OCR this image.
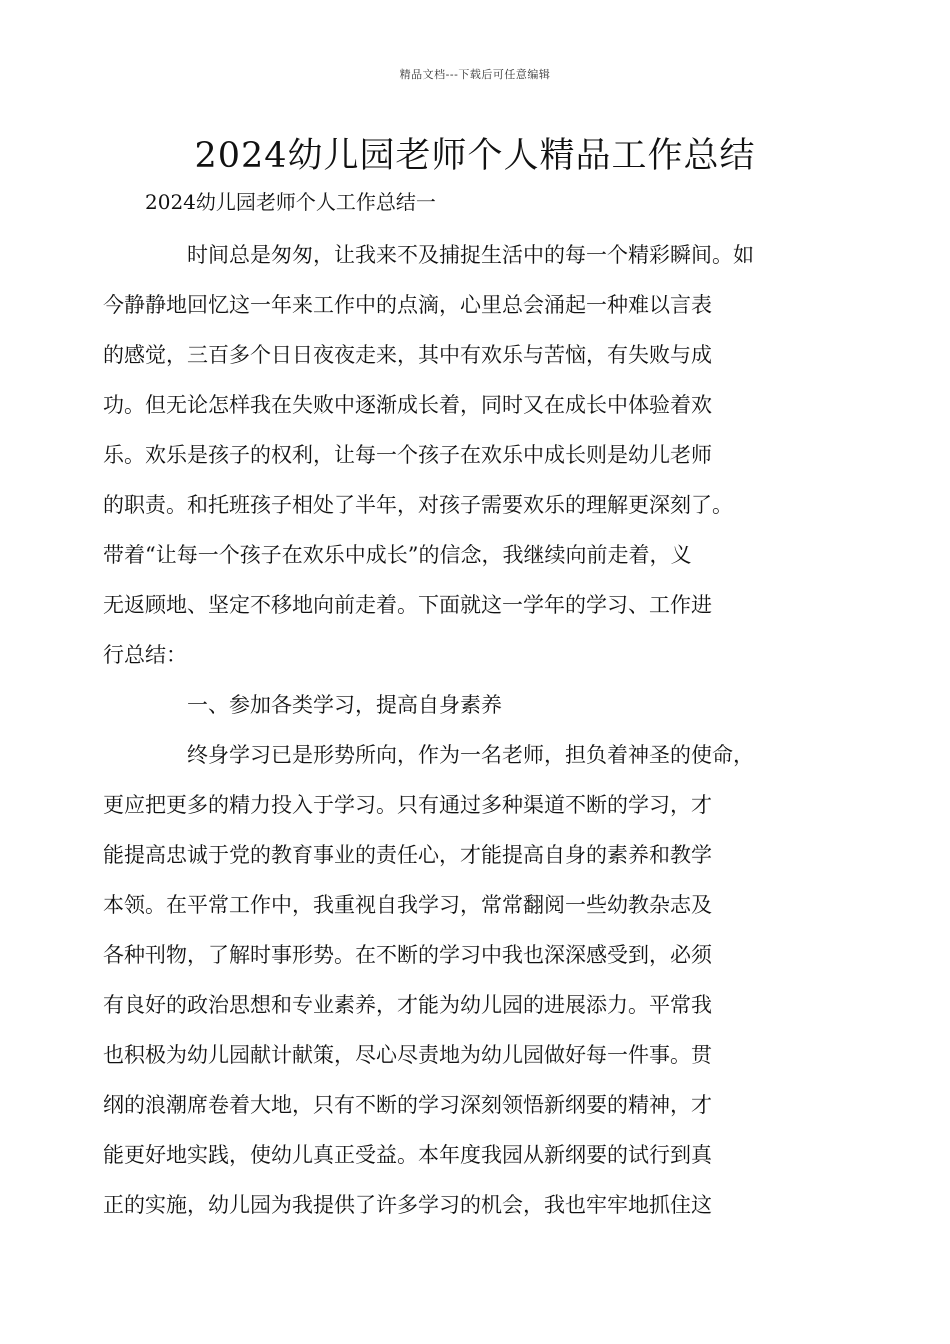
精品文档---下载后可任意编辑
2024幼儿园老师个人精品工作总结

2024幼儿园老师个人工作总结一

时间总是匆匆，让我来不及捕捉生活中的每一个精彩瞬间。如
今静静地回忆这一年来工作中的点滴，心里总会涌起一种难以言表
的感觉，三百多个日日夜夜走来，其中有欢乐与苦恼，有失败与成
功。但无论怎样我在失败中逐渐成长着，同时又在成长中体验着欢
乐。欢乐是孩子的权利，让每一个孩子在欢乐中成长则是幼儿老师
的职责。和托班孩子相处了半年，对孩子需要欢乐的理解更深刻了。
带着“让每一个孩子在欢乐中成长”的信念，我继续向前走着，义
无返顾地、坚定不移地向前走着。下面就这一学年的学习、工作进
行总结：

一、参加各类学习，提高自身素养

终身学习已是形势所向，作为一名老师，担负着神圣的使命，
更应把更多的精力投入于学习。只有通过多种渠道不断的学习，才
能提高忠诚于党的教育事业的责任心，才能提高自身的素养和教学
本领。在平常工作中，我重视自我学习，常常翻阅一些幼教杂志及
各种刊物，了解时事形势。在不断的学习中我也深深感受到，必须
有良好的政治思想和专业素养，才能为幼儿园的进展添力。平常我
也积极为幼儿园献计献策，尽心尽责地为幼儿园做好每一件事。贯
纲的浪潮席卷着大地，只有不断的学习深刻领悟新纲要的精神，才
能更好地实践，使幼儿真正受益。本年度我园从新纲要的试行到真
正的实施，幼儿园为我提供了许多学习的机会，我也牢牢地抓住这
